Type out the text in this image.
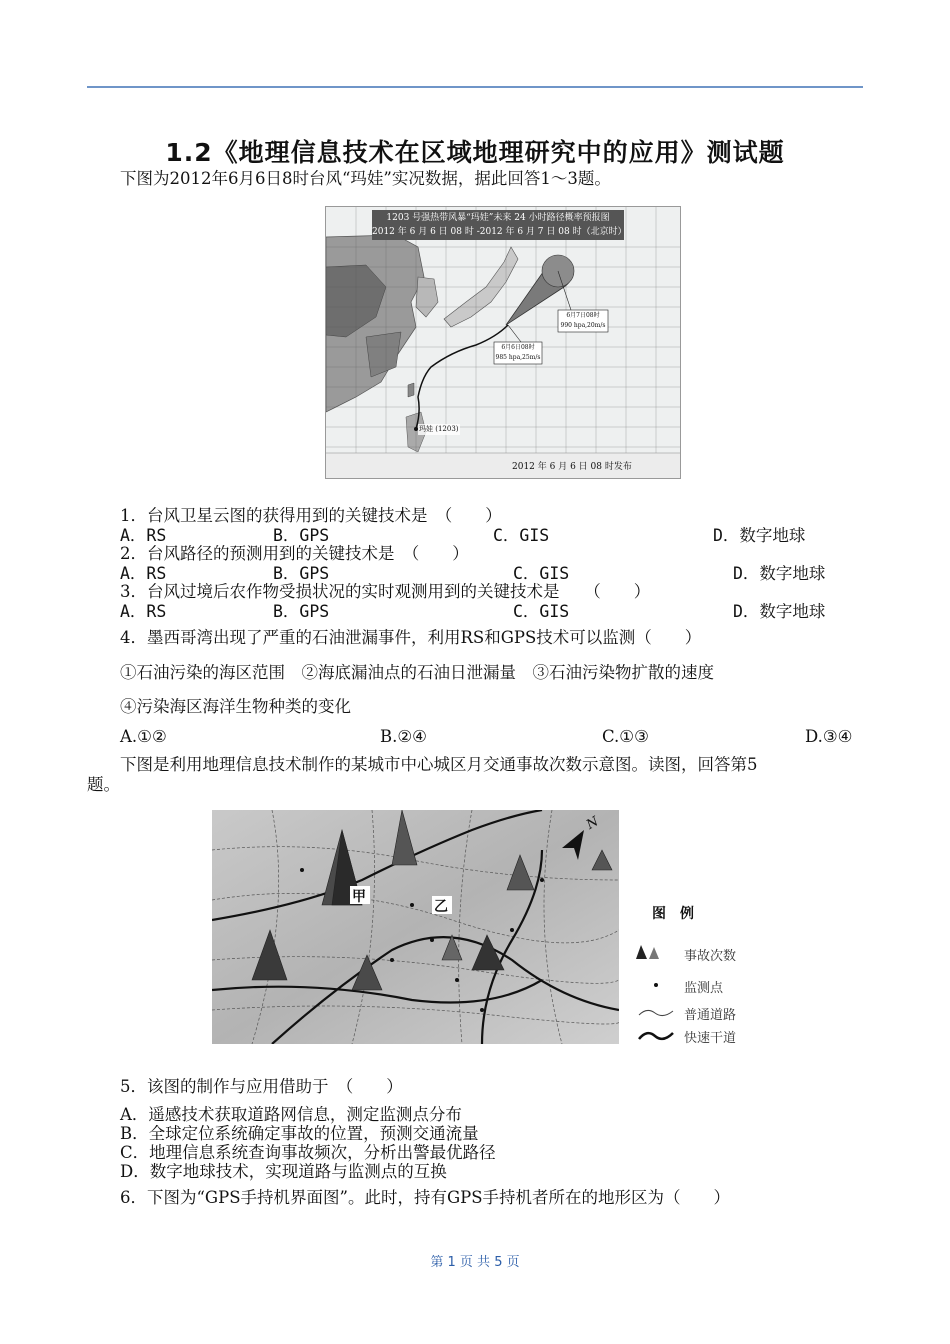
1.2《地理信息技术在区域地理研究中的应用》测试题
下图为2012年6月6日8时台风“玛娃”实况数据，据此回答1～3题。
1203 号强热带风暴“玛娃”未来 24 小时路径概率预报图
2012 年 6 月 6 日 08 时 -2012 年 6 月 7 日 08 时（北京时）
6月6日08时
985 hpa,25m/s
6月7日08时
990 hpa,20m/s
玛娃 (1203)
2012 年 6 月 6 日 08 时发布
1．台风卫星云图的获得用到的关键技术是　（　　）
A．RS	B．GPS	C．GIS	D．数字地球
2．台风路径的预测用到的关键技术是　（　　）
A．RS	B．GPS	C．GIS	D．数字地球
3．台风过境后农作物受损状况的实时观测用到的关键技术是　　（　　）
A．RS	B．GPS	C．GIS	D．数字地球
4．墨西哥湾出现了严重的石油泄漏事件，利用RS和GPS技术可以监测（　　）
①石油污染的海区范围　②海底漏油点的石油日泄漏量　③石油污染物扩散的速度
④污染海区海洋生物种类的变化
A.①②	B.②④	C.①③	D.③④
下图是利用地理信息技术制作的某城市中心城区月交通事故次数示意图。读图，回答第5
题。
甲
乙
N
图　例
事故次数
监测点
普通道路
快速干道
5．该图的制作与应用借助于　（　　）
A．遥感技术获取道路网信息，测定监测点分布
B．全球定位系统确定事故的位置，预测交通流量
C．地理信息系统查询事故频次，分析出警最优路径
D．数字地球技术，实现道路与监测点的互换
6．下图为“GPS手持机界面图”。此时，持有GPS手持机者所在的地形区为（　　）
第 1 页 共 5 页
